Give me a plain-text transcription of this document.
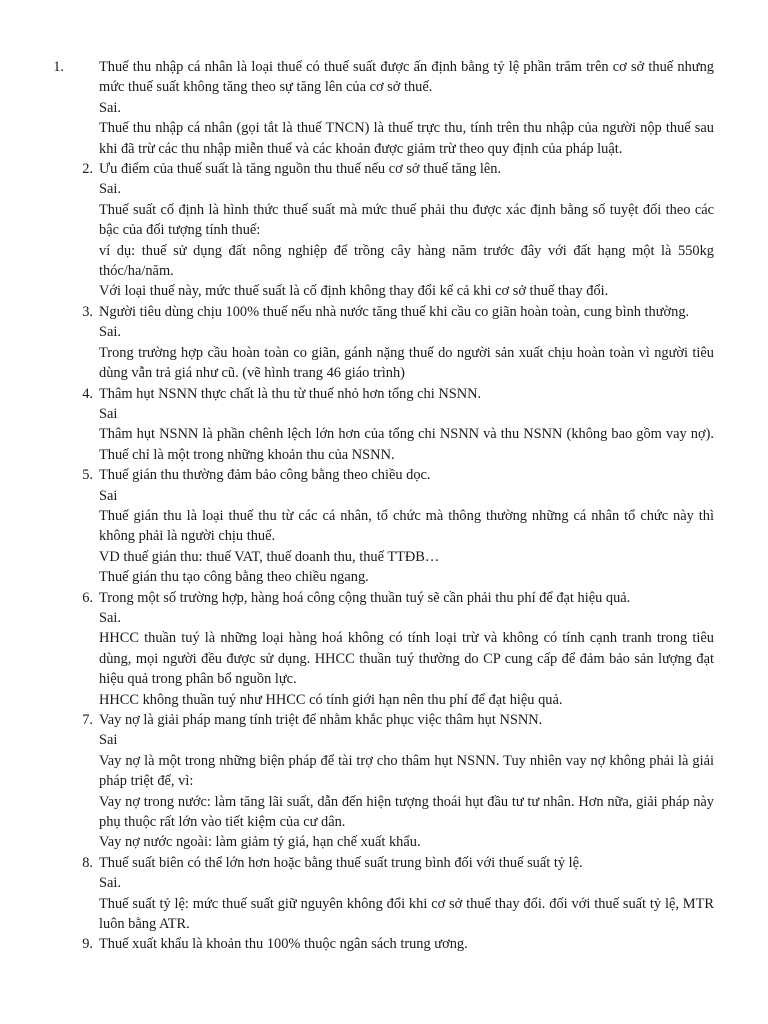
1. Thuế thu nhập cá nhân là loại thuế có thuế suất được ấn định bằng tỷ lệ phần trăm trên cơ sở thuế nhưng mức thuế suất không tăng theo sự tăng lên của cơ sở thuế.

Sai.

Thuế thu nhập cá nhân (gọi tắt là thuế TNCN) là thuế trực thu, tính trên thu nhập của người nộp thuế sau khi đã trừ các thu nhập miễn thuế và các khoản được giảm trừ theo quy định của pháp luật.

2. Ưu điểm của thuế suất là tăng nguồn thu thuế nếu cơ sở thuế tăng lên.

Sai.

Thuế suất cố định là hình thức thuế suất mà mức thuế phải thu được xác định bằng số tuyệt đối theo các bậc của đối tượng tính thuế:

ví dụ: thuế sử dụng đất nông nghiệp để trồng cây hàng năm trước đây với đất hạng một là 550kg thóc/ha/năm.

Với loại thuế này, mức thuế suất là cố định không thay đổi kể cả khi cơ sở thuế thay đổi.

3. Người tiêu dùng chịu 100% thuế nếu nhà nước tăng thuế khi cầu co giãn hoàn toàn, cung bình thường.

Sai.

Trong trường hợp cầu hoàn toàn co giãn, gánh nặng thuế do người sản xuất chịu hoàn toàn vì người tiêu dùng vẫn trả giá như cũ. (vẽ hình trang 46 giáo trình)

4. Thâm hụt NSNN thực chất là thu từ thuế nhỏ hơn tổng chi NSNN.

Sai

Thâm hụt NSNN là phần chênh lệch lớn hơn của tổng chi NSNN và thu NSNN (không bao gồm vay nợ). Thuế chỉ là một trong những khoản thu của NSNN.

5. Thuế gián thu thường đảm bảo công bằng theo chiều dọc.

Sai

Thuế gián thu là loại thuế thu từ các cá nhân, tổ chức mà thông thường những cá nhân tổ chức này thì không phải là người chịu thuế.

VD thuế gián thu: thuế VAT, thuế doanh thu, thuế TTĐB…

Thuế gián thu tạo công bằng theo chiều ngang.

6. Trong một số trường hợp, hàng hoá công cộng thuần tuý sẽ cần phải thu phí để đạt hiệu quả.

Sai.

HHCC thuần tuý là những loại hàng hoá không có tính loại trừ và không có tính cạnh tranh trong tiêu dùng, mọi người đều được sử dụng. HHCC thuần tuý thường do CP cung cấp để đảm bảo sản lượng đạt hiệu quả trong phân bổ nguồn lực.

HHCC không thuần tuý như HHCC có tính giới hạn nên thu phí để đạt hiệu quả.

7. Vay nợ là giải pháp mang tính triệt để nhằm khắc phục việc thâm hụt NSNN.

Sai

Vay nợ là một trong những biện pháp để tài trợ cho thâm hụt NSNN. Tuy nhiên vay nợ không phải là giải pháp triệt để, vì:

Vay nợ trong nước: làm tăng lãi suất, dẫn đến hiện tượng thoái hụt đầu tư tư nhân. Hơn nữa, giải pháp này phụ thuộc rất lớn vào tiết kiệm của cư dân.

Vay nợ nước ngoài: làm giảm tỷ giá, hạn chế xuất khẩu.

8. Thuế suất biên có thể lớn hơn hoặc bằng thuế suất trung bình đối với thuế suất tỷ lệ.

Sai.

Thuế suất tỷ lệ: mức thuế suất giữ nguyên không đổi khi cơ sở thuế thay đổi. đối với thuế suất tỷ lệ, MTR luôn bằng ATR.

9. Thuế xuất khẩu là khoản thu 100% thuộc ngân sách trung ương.
